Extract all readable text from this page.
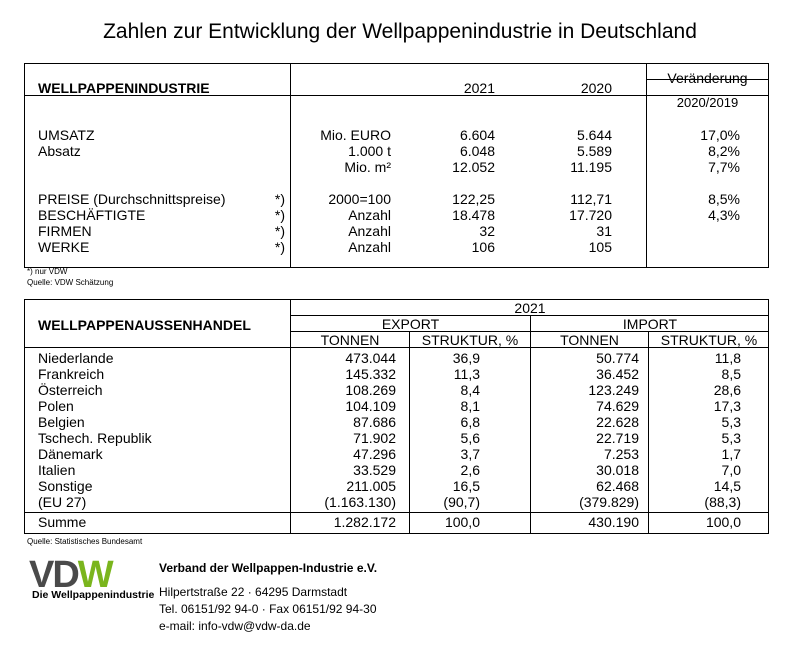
Zahlen zur Entwicklung der Wellpappenindustrie in Deutschland
WELLPAPPENINDUSTRIE	2021	2020
Veränderung
2020/2019
UMSATZ	Mio. EURO	6.604	5.644	17,0%
Absatz	1.000 t	6.048	5.589	8,2%
Mio. m²	12.052	11.195	7,7%
PREISE (Durchschnittspreise)	*)	2000=100	122,25	112,71	8,5%
BESCHÄFTIGTE	*)	Anzahl	18.478	17.720	4,3%
FIRMEN	*)	Anzahl	32	31
WERKE	*)	Anzahl	106	105
*) nur VDW
Quelle: VDW Schätzung
WELLPAPPENAUSSENHANDEL
2021
EXPORT	IMPORT
TONNEN	STRUKTUR, %	TONNEN	STRUKTUR, %
Niederlande	473.044	36,9	50.774	11,8
Frankreich	145.332	11,3	36.452	8,5
Österreich	108.269	8,4	123.249	28,6
Polen	104.109	8,1	74.629	17,3
Belgien	87.686	6,8	22.628	5,3
Tschech. Republik	71.902	5,6	22.719	5,3
Dänemark	47.296	3,7	7.253	1,7
Italien	33.529	2,6	30.018	7,0
Sonstige	211.005	16,5	62.468	14,5
(EU 27)	(1.163.130)	(90,7)	(379.829)	(88,3)
Summe	1.282.172	100,0	430.190	100,0
Quelle: Statistisches Bundesamt
VDW
Die Wellpappenindustrie
Verband der Wellpappen-Industrie e.V.
Hilpertstraße 22 · 64295 Darmstadt
Tel. 06151/92 94-0 · Fax 06151/92 94-30
e-mail: info-vdw@vdw-da.de
